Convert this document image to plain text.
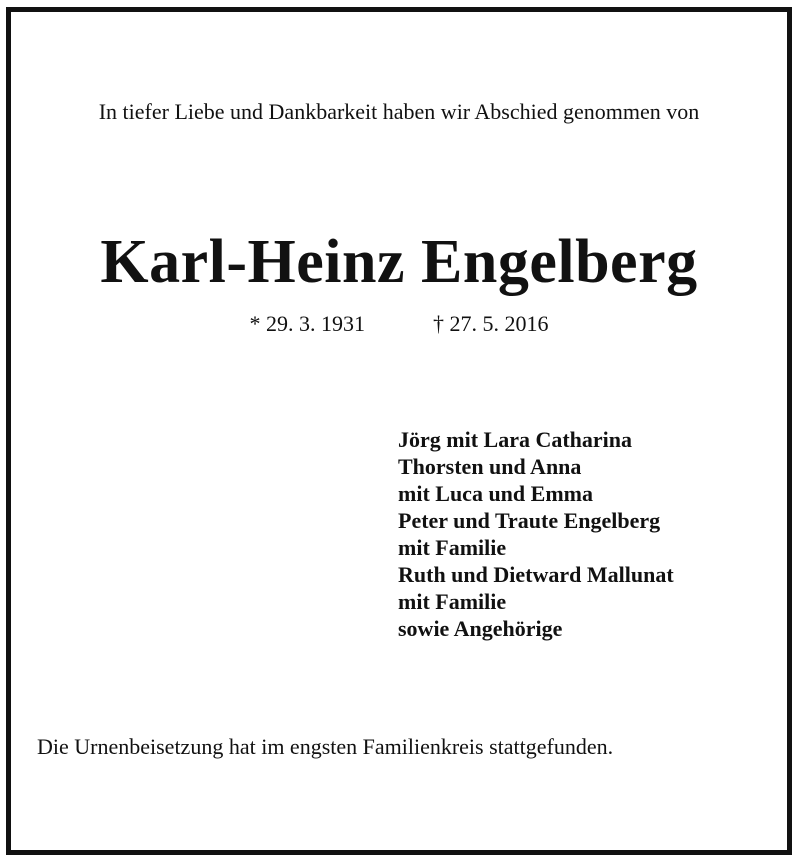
In tiefer Liebe und Dankbarkeit haben wir Abschied genommen von

Karl-Heinz Engelberg
* 29. 3. 1931	† 27. 5. 2016
Jörg mit Lara Catharina
Thorsten und Anna
mit Luca und Emma
Peter und Traute Engelberg
mit Familie
Ruth und Dietward Mallunat
mit Familie
sowie Angehörige

Die Urnenbeisetzung hat im engsten Familienkreis stattgefunden.
